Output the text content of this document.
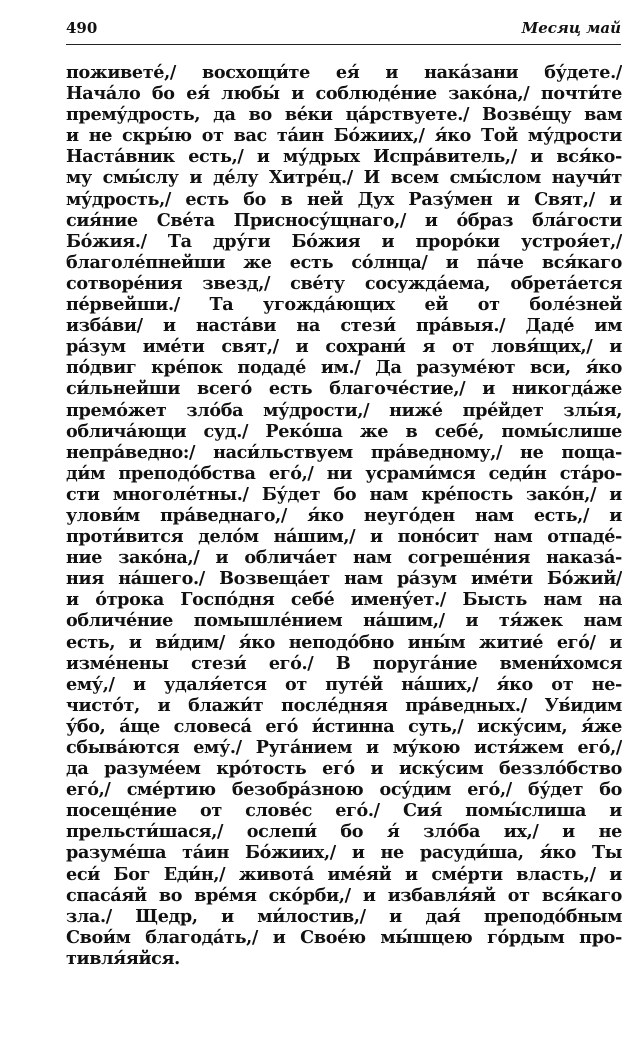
490	Месяц май
поживете́,/ восхощи́те ея́ и нака́зани бу́дете./
Нача́ло бо ея́ любы́ и соблюде́ние зако́на,/ почти́те
прему́дрость, да во ве́ки ца́рствуете./ Возве́щу вам
и не скры́ю от вас та́ин Бо́жиих,/ я́ко Той му́дрости
Наста́вник есть,/ и му́дрых Испра́витель,/ и вся́ко-
му смы́слу и де́лу Хитре́ц./ И всем смы́слом научи́т
му́дрость,/ есть бо в ней Дух Разу́мен и Свят,/ и
сия́ние Све́та Присноcу́щнаго,/ и о́браз бла́гости
Бо́жия./ Та дру́ги Бо́жия и проро́ки устроя́ет,/
благоле́пнейши же есть со́лнца/ и па́че вся́каго
сотворе́ния звезд,/ све́ту сосужда́ема, обрета́ется
пе́рвейши./ Та угожда́ющих ей от боле́зней
изба́ви/ и наста́ви на стези́ пра́выя./ Даде́ им
ра́зум име́ти свят,/ и сохрани́ я от ловя́щих,/ и
по́двиг кре́пок подаде́ им./ Да разуме́ют вси, я́ко
си́льнейши всего́ есть благоче́стие,/ и никогда́же
премо́жет зло́ба му́дрости,/ ниже́ пре́йдет злы́я,
облича́ющи суд./ Реко́ша же в себе́, помы́слише
непра́ведно:/ наси́льствуем пра́ведному,/ не поща-
ди́м преподо́бства его́,/ ни усрами́мся седи́н ста́ро-
сти многоле́тны./ Бу́дет бо нам кре́пость зако́н,/ и
улови́м пра́веднаго,/ я́ко неуго́ден нам есть,/ и
проти́вится дело́м на́шим,/ и поно́сит нам отпаде́-
ние зако́на,/ и облича́ет нам согреше́ния наказа́-
ния на́шего./ Возвеща́ет нам ра́зум име́ти Бо́жий/
и о́трока Госпо́дня себе́ имену́ет./ Бысть нам на
обличе́ние помышле́нием на́шим,/ и тя́жек нам
есть, и ви́дим/ я́ко неподо́бно ины́м житие́ его́/ и
изме́нены стези́ его́./ В поруга́ние вмени́хомся
ему́,/ и удаля́ется от путе́й на́ших,/ я́ко от не-
чисто́т, и блажи́т после́дняя пра́ведных./ Ув́идим
у́бо, а́ще словеса́ его́ и́стинна суть,/ иску́сим, я́же
сбыва́ются ему́./ Руга́нием и му́кою истя́жем его́,/
да разуме́ем кро́тость его́ и иску́сим беззло́бство
его́,/ сме́ртию безобра́зною осу́дим его́,/ бу́дет бо
посеще́ние от слове́с его́./ Сия́ помы́слиша и
прельсти́шася,/ ослепи́ бо я́ зло́ба их,/ и не
разуме́ша та́ин Бо́жиих,/ и не расуди́ша, я́ко Ты
еси́ Бог Еди́н,/ живота́ име́яй и сме́рти власть,/ и
спаса́яй во вре́мя ско́рби,/ и избавля́яй от вся́каго
зла./ Щедр, и ми́лостив,/ и дая́ преподо́бным
Свои́м благода́ть,/ и Свое́ю мы́шцею го́рдым про-
тивля́яйся.
